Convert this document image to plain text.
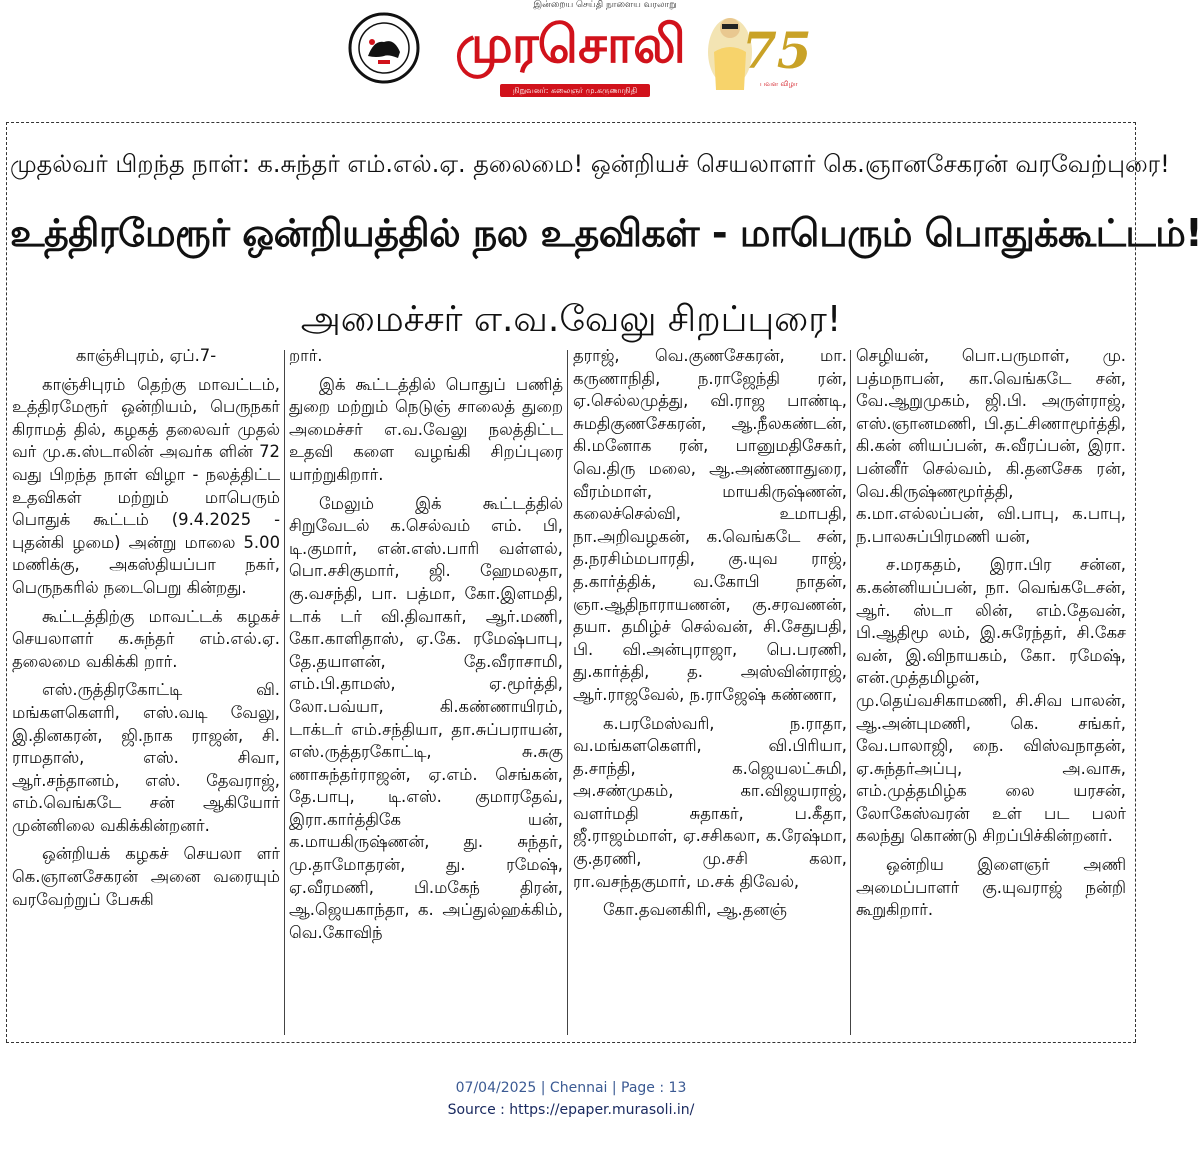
இன்றைய செய்தி நாளைய வரலாறு
முரசொலி
நிறுவனர்: கலைஞர் மு.கருணாநிதி
75
பவள விழா
முதல்வர் பிறந்த நாள்: க.சுந்தர் எம்.எல்.ஏ. தலைமை! ஒன்றியச் செயலாளர் கெ.ஞானசேகரன் வரவேற்புரை!
உத்திரமேரூர் ஒன்றியத்தில் நல உதவிகள் - மாபெரும் பொதுக்கூட்டம்!
அமைச்சர் எ.வ.வேலு சிறப்புரை!

காஞ்சிபுரம், ஏப்.7-

காஞ்சிபுரம் தெற்கு மாவட்டம், உத்திரமேரூர் ஒன்றியம், பெருநகர் கிராமத் தில், கழகத் தலைவர் முதல் வர் மு.க.ஸ்டாலின் அவர்க ளின் 72 வது பிறந்த நாள் விழா - நலத்திட்ட உதவிகள் மற்றும் மாபெரும் பொதுக் கூட்டம் (9.4.2025 - புதன்கி ழமை) அன்று மாலை 5.00 மணிக்கு, அகஸ்தியப்பா நகர், பெருநகரில் நடைபெறு கின்றது.

கூட்டத்திற்கு மாவட்டக் கழகச் செயலாளர் க.சுந்தர் எம்.எல்.ஏ. தலைமை வகிக்கி றார்.

எஸ்.ருத்திரகோட்டி வி. மங்களகௌரி, எஸ்.வடி வேலு, இ.தினகரன், ஜி.நாக ராஜன், சி. ராமதாஸ், எஸ். சிவா, ஆர்.சந்தானம், எஸ். தேவராஜ், எம்.வெங்கடே சன் ஆகியோர் முன்னிலை வகிக்கின்றனர்.

ஒன்றியக் கழகச் செயலா ளர் கெ.ஞானசேகரன் அனை வரையும் வரவேற்றுப் பேசுகி

றார்.

இக் கூட்டத்தில் பொதுப் பணித் துறை மற்றும் நெடுஞ் சாலைத் துறை அமைச்சர் எ.வ.வேலு நலத்திட்ட உதவி களை வழங்கி சிறப்புரை யாற்றுகிறார்.

மேலும் இக் கூட்டத்தில் சிறுவேடல் க.செல்வம் எம். பி, டி.குமார், என்.எஸ்.பாரி வள்ளல், பொ.சசிகுமார், ஜி. ஹேமலதா, கு.வசந்தி, பா. பத்மா, கோ.இளமதி, டாக் டர் வி.திவாகர், ஆர்.மணி, கோ.காளிதாஸ், ஏ.கே. ரமேஷ்பாபு, தே.தயாளன், தே.வீராசாமி, எம்.பி.தாமஸ், ஏ.மூர்த்தி, லோ.பவ்யா, கி.கண்ணாயிரம், டாக்டர் எம்.சந்தியா, தா.சுப்பராயன், எஸ்.ருத்தரகோட்டி, சு.சுகு ணாசுந்தர்ராஜன், ஏ.எம். செங்கன், தே.பாபு, டி.எஸ். குமாரதேவ், இரா.கார்த்திகே யன், க.மாயகிருஷ்ணன், து. சுந்தர், மு.தாமோதரன், து. ரமேஷ், ஏ.வீரமணி, பி.மகேந் திரன், ஆ.ஜெயகாந்தா, க. அப்துல்ஹக்கிம், வெ.கோவிந்

தராஜ், வெ.குணசேகரன், மா. கருணாநிதி, ந.ராஜேந்தி ரன், ஏ.செல்லமுத்து, வி.ராஜ பாண்டி, சுமதிகுணசேகரன், ஆ.நீலகண்டன், கி.மனோக ரன், பானுமதிசேகர், வெ.திரு மலை, ஆ.அண்ணாதுரை, வீரம்மாள், மாயகிருஷ்ணன், கலைச்செல்வி, உமாபதி, நா.அறிவழகன், க.வெங்கடே சன், த.நரசிம்மபாரதி, கு.யுவ ராஜ், த.கார்த்திக், வ.கோபி நாதன், ஞா.ஆதிநாராயணன், கு.சரவணன், தயா. தமிழ்ச் செல்வன், சி.சேதுபதி, பி. வி.அன்புராஜா, பெ.பரணி, து.கார்த்தி, த. அஸ்வின்ராஜ், ஆர்.ராஜவேல், ந.ராஜேஷ் கண்ணா,

க.பரமேஸ்வரி, ந.ராதா, வ.மங்களகௌரி, வி.பிரியா, த.சாந்தி, க.ஜெயலட்சுமி, அ.சண்முகம், கா.விஜயராஜ், வளர்மதி சுதாகர், ப.கீதா, ஜீ.ராஜம்மாள், ஏ.சசிகலா, க.ரேஷ்மா, கு.தரணி, மு.சசி கலா, ரா.வசந்தகுமார், ம.சக் திவேல்,

கோ.தவனகிரி, ஆ.தனஞ்

செழியன், பொ.பருமாள், மு. பத்மநாபன், கா.வெங்கடே சன், வே.ஆறுமுகம், ஜி.பி. அருள்ராஜ், எஸ்.ஞானமணி, பி.தட்சிணாமூர்த்தி, கி.கன் னியப்பன், சு.வீரப்பன், இரா. பன்னீர் செல்வம், கி.தனசேக ரன், வெ.கிருஷ்ணமூர்த்தி, க.மா.எல்லப்பன், வி.பாபு, க.பாபு, ந.பாலசுப்பிரமணி யன்,

ச.மரகதம், இரா.பிர சன்ன, க.கன்னியப்பன், நா. வெங்கடேசன், ஆர். ஸ்டா லின், எம்.தேவன், பி.ஆதிமூ லம், இ.சுரேந்தர், சி.கேச வன், இ.விநாயகம், கோ. ரமேஷ், என்.முத்தமிழன், மு.தெய்வசிகாமணி, சி.சிவ பாலன், ஆ.அன்புமணி, கெ. சங்கர், வே.பாலாஜி, நை. விஸ்வநாதன், ஏ.சுந்தர்அப்பு, அ.வாசு, எம்.முத்தமிழ்க லை யரசன், லோகேஸ்வரன் உள் பட பலர் கலந்து கொண்டு சிறப்பிச்கின்றனர்.

ஒன்றிய இளைஞர் அணி அமைப்பாளர் கு.யுவராஜ் நன்றி கூறுகிறார்.

07/04/2025 | Chennai | Page : 13
Source : https://epaper.murasoli.in/
